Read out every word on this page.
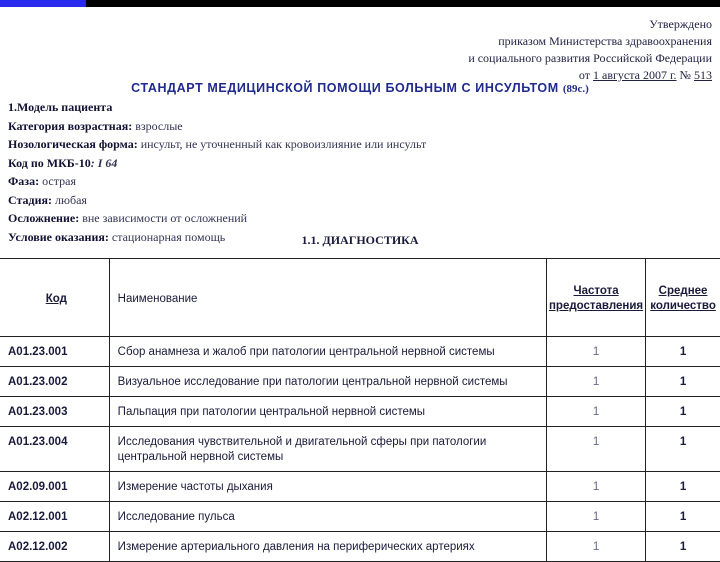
Утверждено
приказом Министерства здравоохранения
и социального развития Российской Федерации
от 1 августа 2007 г. № 513
СТАНДАРТ МЕДИЦИНСКОЙ ПОМОЩИ БОЛЬНЫМ С ИНСУЛЬТОМ (89с.)
1.Модель пациента
Категория возрастная: взрослые
Нозологическая форма: инсульт, не уточненный как кровоизлияние или инсульт
Код по МКБ-10: I 64
Фаза: острая
Стадия: любая
Осложнение: вне зависимости от осложнений
Условие оказания: стационарная помощь	1.1. ДИАГНОСТИКА
Код	Наименование	Частота предоставления	Среднее количество
А01.23.001	Сбор анамнеза и жалоб при патологии центральной нервной системы	1	1
А01.23.002	Визуальное исследование при патологии центральной нервной системы	1	1
А01.23.003	Пальпация при патологии центральной нервной системы	1	1
А01.23.004	Исследования чувствительной и двигательной сферы при патологии центральной нервной системы	1	1
А02.09.001	Измерение частоты дыхания	1	1
А02.12.001	Исследование пульса	1	1
А02.12.002	Измерение артериального давления на периферических артериях	1	1
